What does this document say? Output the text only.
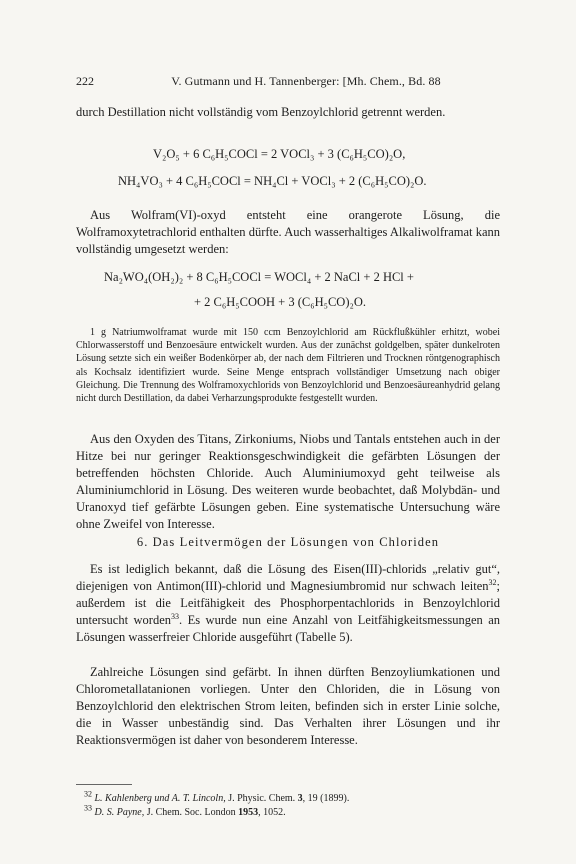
222	V. Gutmann und H. Tannenberger: [Mh. Chem., Bd. 88

durch Destillation nicht vollständig vom Benzoylchlorid getrennt werden.

V₂O₅ + 6 C₆H₅COCl = 2 VOCl₃ + 3 (C₆H₅CO)₂O,
NH₄VO₃ + 4 C₆H₅COCl = NH₄Cl + VOCl₃ + 2 (C₆H₅CO)₂O.

Aus Wolfram(VI)-oxyd entsteht eine orangerote Lösung, die Wolframoxytetrachlorid enthalten dürfte. Auch wasserhaltiges Alkaliwolframat kann vollständig umgesetzt werden:

Na₂WO₄(OH₂)₂ + 8 C₆H₅COCl = WOCl₄ + 2 NaCl + 2 HCl +
+ 2 C₆H₅COOH + 3 (C₆H₅CO)₂O.

1 g Natriumwolframat wurde mit 150 ccm Benzoylchlorid am Rückflußkühler erhitzt, wobei Chlorwasserstoff und Benzoesäure entwickelt wurden. Aus der zunächst goldgelben, später dunkelroten Lösung setzte sich ein weißer Bodenkörper ab, der nach dem Filtrieren und Trocknen röntgenographisch als Kochsalz identifiziert wurde. Seine Menge entsprach vollständiger Umsetzung nach obiger Gleichung. Die Trennung des Wolframoxychlorids von Benzoylchlorid und Benzoesäureanhydrid gelang nicht durch Destillation, da dabei Verharzungsprodukte festgestellt wurden.

Aus den Oxyden des Titans, Zirkoniums, Niobs und Tantals entstehen auch in der Hitze bei nur geringer Reaktionsgeschwindigkeit die gefärbten Lösungen der betreffenden höchsten Chloride. Auch Aluminiumoxyd geht teilweise als Aluminiumchlorid in Lösung. Des weiteren wurde beobachtet, daß Molybdän- und Uranoxyd tief gefärbte Lösungen geben. Eine systematische Untersuchung wäre ohne Zweifel von Interesse.

6. Das Leitvermögen der Lösungen von Chloriden

Es ist lediglich bekannt, daß die Lösung des Eisen(III)-chlorids „relativ gut“, diejenigen von Antimon(III)-chlorid und Magnesiumbromid nur schwach leiten$^{32}$; außerdem ist die Leitfähigkeit des Phosphorpentachlorids in Benzoylchlorid untersucht worden$^{33}$. Es wurde nun eine Anzahl von Leitfähigkeitsmessungen an Lösungen wasserfreier Chloride ausgeführt (Tabelle 5).

Zahlreiche Lösungen sind gefärbt. In ihnen dürften Benzoyliumkationen und Chlorometallatanionen vorliegen. Unter den Chloriden, die in Lösung von Benzoylchlorid den elektrischen Strom leiten, befinden sich in erster Linie solche, die in Wasser unbeständig sind. Das Verhalten ihrer Lösungen und ihr Reaktionsvermögen ist daher von besonderem Interesse.

$^{32}$ L. Kahlenberg und A. T. Lincoln, J. Physic. Chem. 3, 19 (1899).
$^{33}$ D. S. Payne, J. Chem. Soc. London 1953, 1052.
